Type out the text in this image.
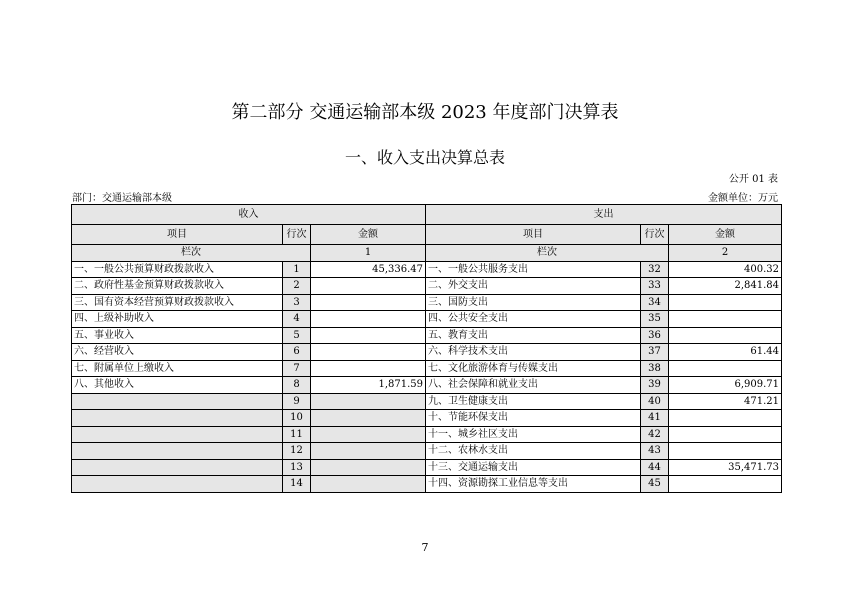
第二部分 交通运输部本级 2023 年度部门决算表
一、收入支出决算总表
公开 01 表
部门：交通运输部本级	金额单位：万元
收入			支出		
项目	行次	金额	项目	行次	金额
栏次		1	栏次		2
一、一般公共预算财政拨款收入	1	45,336.47	一、一般公共服务支出	32	400.32
二、政府性基金预算财政拨款收入	2		二、外交支出	33	2,841.84
三、国有资本经营预算财政拨款收入	3		三、国防支出	34	
四、上级补助收入	4		四、公共安全支出	35	
五、事业收入	5		五、教育支出	36	
六、经营收入	6		六、科学技术支出	37	61.44
七、附属单位上缴收入	7		七、文化旅游体育与传媒支出	38	
八、其他收入	8	1,871.59	八、社会保障和就业支出	39	6,909.71
	9		九、卫生健康支出	40	471.21
	10		十、节能环保支出	41	
	11		十一、城乡社区支出	42	
	12		十二、农林水支出	43	
	13		十三、交通运输支出	44	35,471.73
	14		十四、资源勘探工业信息等支出	45	
7
